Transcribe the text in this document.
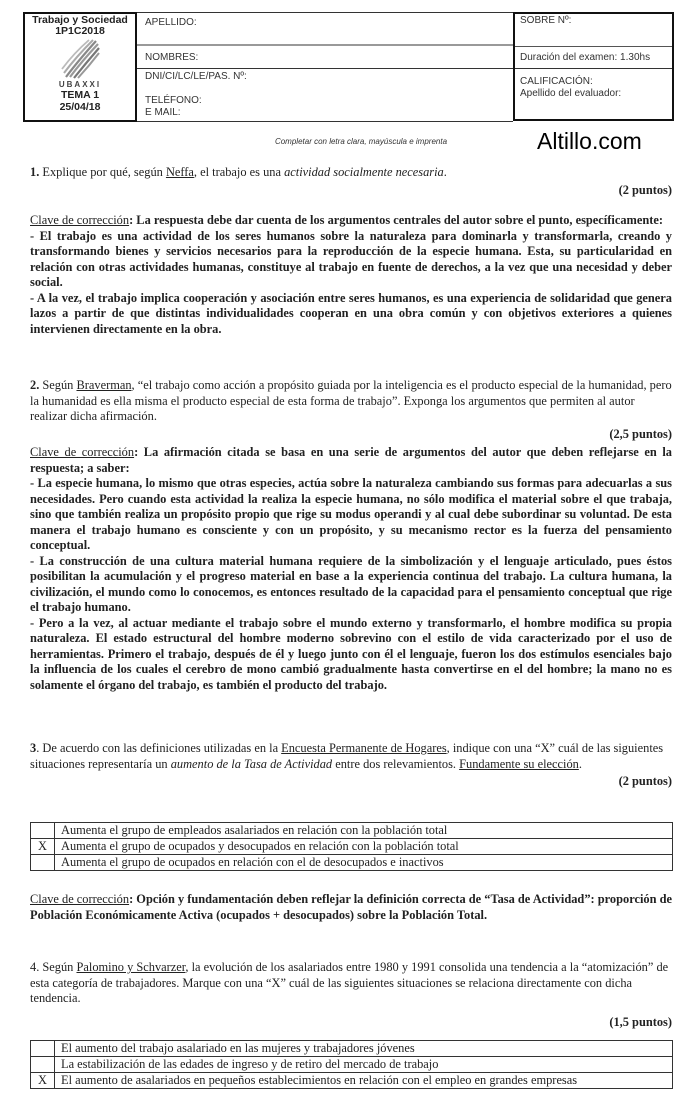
Trabajo y Sociedad
1P1C2018
UBAXXI
TEMA 1
25/04/18
APELLIDO:
NOMBRES:
DNI/CI/LC/LE/PAS. Nº:
TELÉFONO:
E MAIL:
SOBRE Nº:
Duración del examen: 1.30hs
CALIFICACIÓN:
Apellido del evaluador:
Completar con letra clara, mayúscula e imprenta	Altillo.com

1. Explique por qué, según Neffa, el trabajo es una actividad socialmente necesaria.

(2 puntos)

Clave de corrección: La respuesta debe dar cuenta de los argumentos centrales del autor sobre el punto, específicamente:

- El trabajo es una actividad de los seres humanos sobre la naturaleza para dominarla y transformarla, creando y transformando bienes y servicios necesarios para la reproducción de la especie humana. Esta, su particularidad en relación con otras actividades humanas, constituye al trabajo en fuente de derechos, a la vez que una necesidad y deber social.

- A la vez, el trabajo implica cooperación y asociación entre seres humanos, es una experiencia de solidaridad que genera lazos a partir de que distintas individualidades cooperan en una obra común y con objetivos exteriores a quienes intervienen directamente en la obra.

2. Según Braverman, “el trabajo como acción a propósito guiada por la inteligencia es el producto especial de la humanidad, pero la humanidad es ella misma el producto especial de esta forma de trabajo”. Exponga los argumentos que permiten al autor realizar dicha afirmación.

(2,5 puntos)

Clave de corrección: La afirmación citada se basa en una serie de argumentos del autor que deben reflejarse en la respuesta; a saber:

- La especie humana, lo mismo que otras especies, actúa sobre la naturaleza cambiando sus formas para adecuarlas a sus necesidades. Pero cuando esta actividad la realiza la especie humana, no sólo modifica el material sobre el que trabaja, sino que también realiza un propósito propio que rige su modus operandi y al cual debe subordinar su voluntad. De esta manera el trabajo humano es consciente y con un propósito, y su mecanismo rector es la fuerza del pensamiento conceptual.

- La construcción de una cultura material humana requiere de la simbolización y el lenguaje articulado, pues éstos posibilitan la acumulación y el progreso material en base a la experiencia continua del trabajo. La cultura humana, la civilización, el mundo como lo conocemos, es entonces resultado de la capacidad para el pensamiento conceptual que rige el trabajo humano.

- Pero a la vez, al actuar mediante el trabajo sobre el mundo externo y transformarlo, el hombre modifica su propia naturaleza. El estado estructural del hombre moderno sobrevino con el estilo de vida caracterizado por el uso de herramientas. Primero el trabajo, después de él y luego junto con él el lenguaje, fueron los dos estímulos esenciales bajo la influencia de los cuales el cerebro de mono cambió gradualmente hasta convertirse en el del hombre; la mano no es solamente el órgano del trabajo, es también el producto del trabajo.

3. De acuerdo con las definiciones utilizadas en la Encuesta Permanente de Hogares, indique con una “X” cuál de las siguientes situaciones representaría un aumento de la Tasa de Actividad entre dos relevamientos. Fundamente su elección.

(2 puntos)

	Aumenta el grupo de empleados asalariados en relación con la población total
X	Aumenta el grupo de ocupados y desocupados en relación con la población total
	Aumenta el grupo de ocupados en relación con el de desocupados e inactivos

Clave de corrección: Opción y fundamentación deben reflejar la definición correcta de “Tasa de Actividad”: proporción de Población Económicamente Activa (ocupados + desocupados) sobre la Población Total.

4. Según Palomino y Schvarzer, la evolución de los asalariados entre 1980 y 1991 consolida una tendencia a la “atomización” de esta categoría de trabajadores. Marque con una “X” cuál de las siguientes situaciones se relaciona directamente con dicha tendencia.

(1,5 puntos)

	El aumento del trabajo asalariado en las mujeres y trabajadores jóvenes
	La estabilización de las edades de ingreso y de retiro del mercado de trabajo
X	El aumento de asalariados en pequeños establecimientos en relación con el empleo en grandes empresas
